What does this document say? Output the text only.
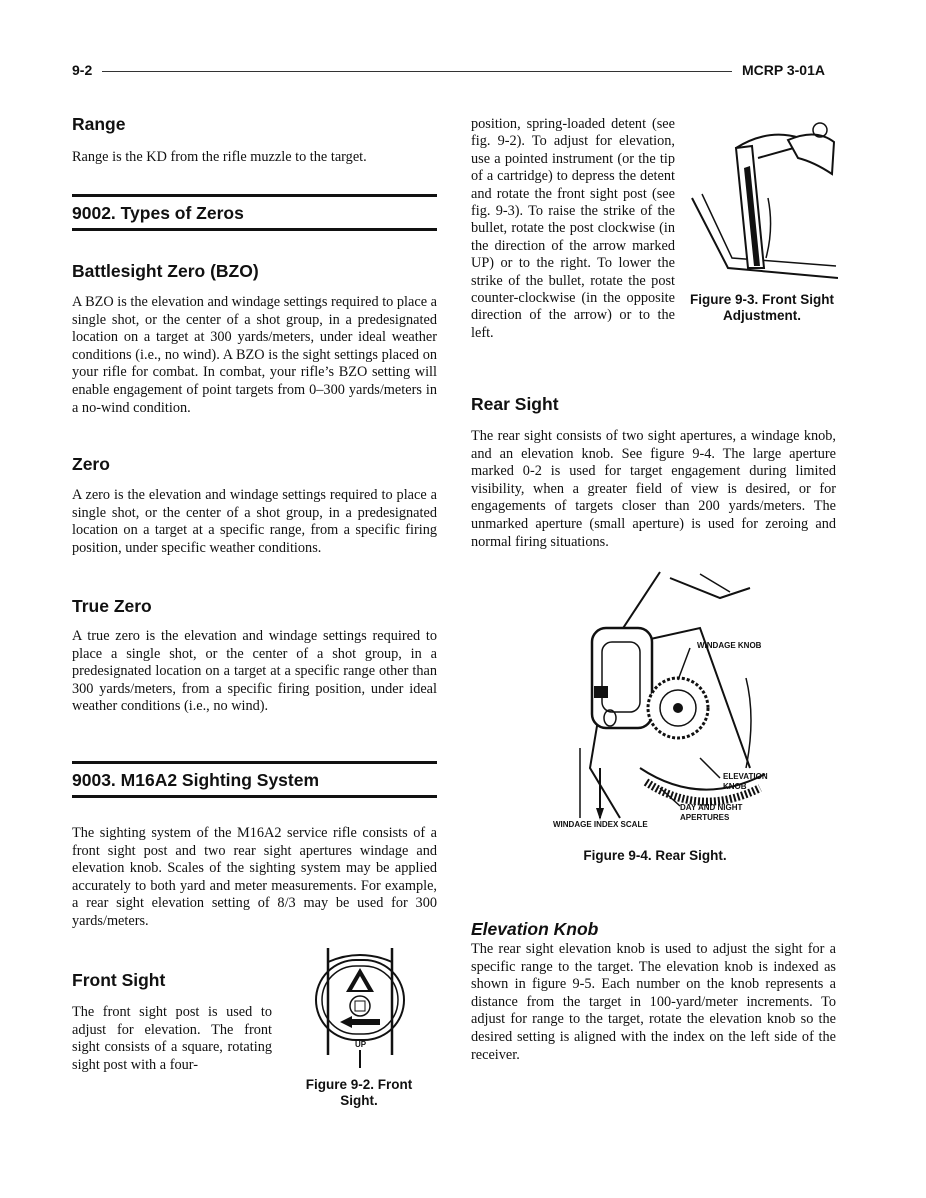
9-2	MCRP 3-01A
Range
Range is the KD from the rifle muzzle to the target.
9002. Types of Zeros
Battlesight Zero (BZO)
A BZO is the elevation and windage settings required to place a single shot, or the center of a shot group, in a predesignated location on a target at 300 yards/meters, under ideal weather conditions (i.e., no wind). A BZO is the sight settings placed on your rifle for combat. In combat, your rifle’s BZO setting will enable engagement of point targets from 0–300 yards/meters in a no-wind condition.
Zero
A zero is the elevation and windage settings required to place a single shot, or the center of a shot group, in a predesignated location on a target at a specific range, from a specific firing position, under specific weather conditions.
True Zero
A true zero is the elevation and windage settings required to place a single shot, or the center of a shot group, in a predesignated location on a target at a specific range other than 300 yards/meters, from a specific firing position, under ideal weather conditions (i.e., no wind).
9003. M16A2 Sighting System
The sighting system of the M16A2 service rifle consists of a front sight post and two rear sight apertures windage and elevation knob. Scales of the sighting system may be applied accurately to both yard and meter measurements. For example, a rear sight elevation setting of 8/3 may be used for 300 yards/meters.
Front Sight
The front sight post is used to adjust for elevation. The front sight consists of a square, rotating sight post with a four-
UP
Figure 9-2. Front Sight.
position, spring-loaded detent (see fig. 9-2). To adjust for elevation, use a pointed instrument (or the tip of a cartridge) to depress the detent and rotate the front sight post (see fig. 9-3). To raise the strike of the bullet, rotate the post clockwise (in the direction of the arrow marked UP) or to the right. To lower the strike of the bullet, rotate the post counter-clockwise (in the opposite direction of the arrow) or to the left.
Figure 9-3. Front Sight Adjustment.
Rear Sight
The rear sight consists of two sight apertures, a windage knob, and an elevation knob. See figure 9-4. The large aperture marked 0-2 is used for target engagement during limited visibility, when a greater field of view is desired, or for engagements of targets closer than 200 yards/meters. The unmarked aperture (small aperture) is used for zeroing and normal firing situations.
WINDAGE KNOB
ELEVATION
KNOB
DAY AND NIGHT
APERTURES
WINDAGE INDEX SCALE
Figure 9-4. Rear Sight.
Elevation Knob
The rear sight elevation knob is used to adjust the sight for a specific range to the target. The elevation knob is indexed as shown in figure 9-5. Each number on the knob represents a distance from the target in 100-yard/meter increments. To adjust for range to the target, rotate the elevation knob so the desired setting is aligned with the index on the left side of the receiver.
